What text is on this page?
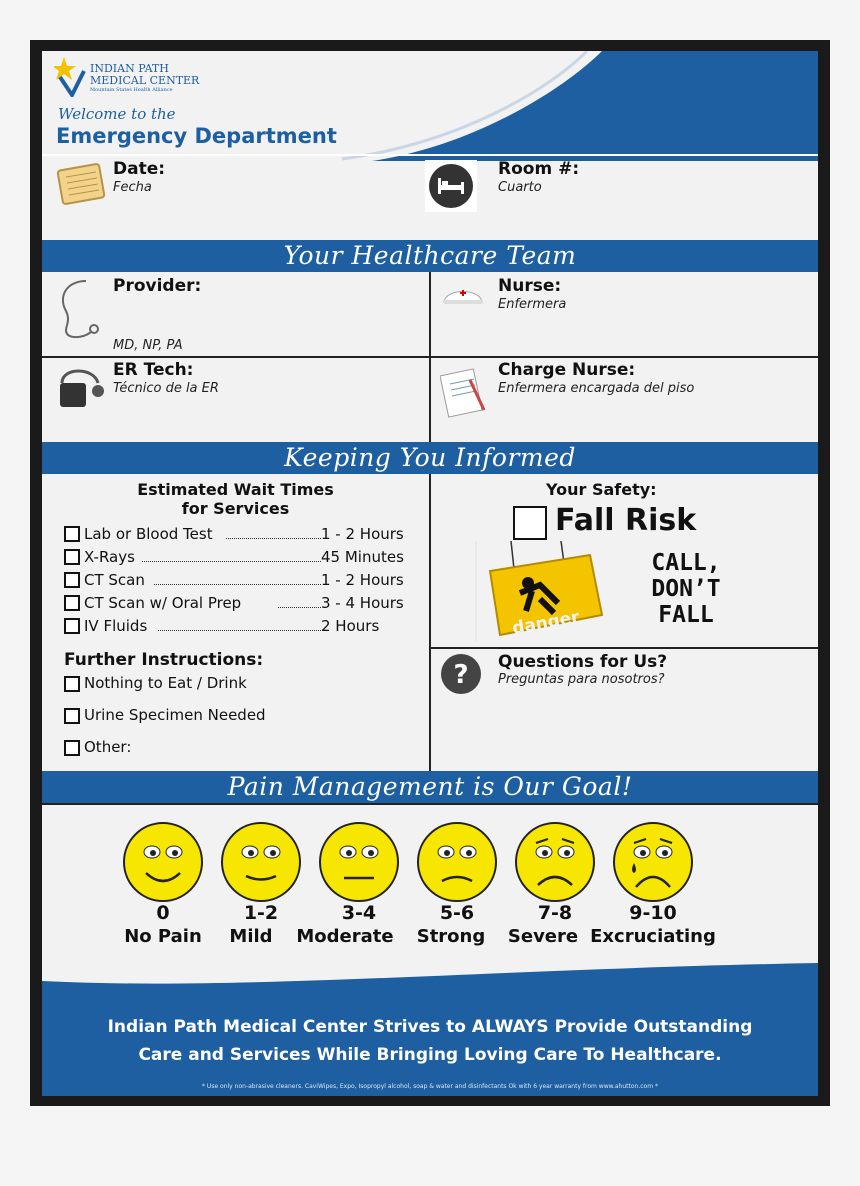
INDIAN PATH
MEDICAL CENTER
Mountain States Health Alliance
Welcome to the
Emergency Department
Date:
Fecha
Room #:
Cuarto
Your Healthcare Team
Provider:
MD, NP, PA
Nurse:
Enfermera
ER Tech:
Técnico de la ER
Charge Nurse:
Enfermera encargada del piso
Keeping You Informed
Estimated Wait Times
for Services
Lab or Blood Test	1 - 2 Hours
X-Rays	45 Minutes
CT Scan	1 - 2 Hours
CT Scan w/ Oral Prep	3 - 4 Hours
IV Fluids	2 Hours
Further Instructions:
Nothing to Eat / Drink
Urine Specimen Needed
Other:
Your Safety:
Fall Risk
danger
CALL,
DON’T
FALL
? Questions for Us?
Preguntas para nosotros?
Pain Management is Our Goal!
0	1-2	3-4	5-6	7-8	9-10
No Pain	Mild	Moderate	Strong	Severe Excruciating
Indian Path Medical Center Strives to ALWAYS Provide Outstanding
Care and Services While Bringing Loving Care To Healthcare.
* Use only non-abrasive cleaners. CaviWipes, Expo, Isopropyl alcohol, soap & water and disinfectants Ok with 6 year warranty from www.ahutton.com *
